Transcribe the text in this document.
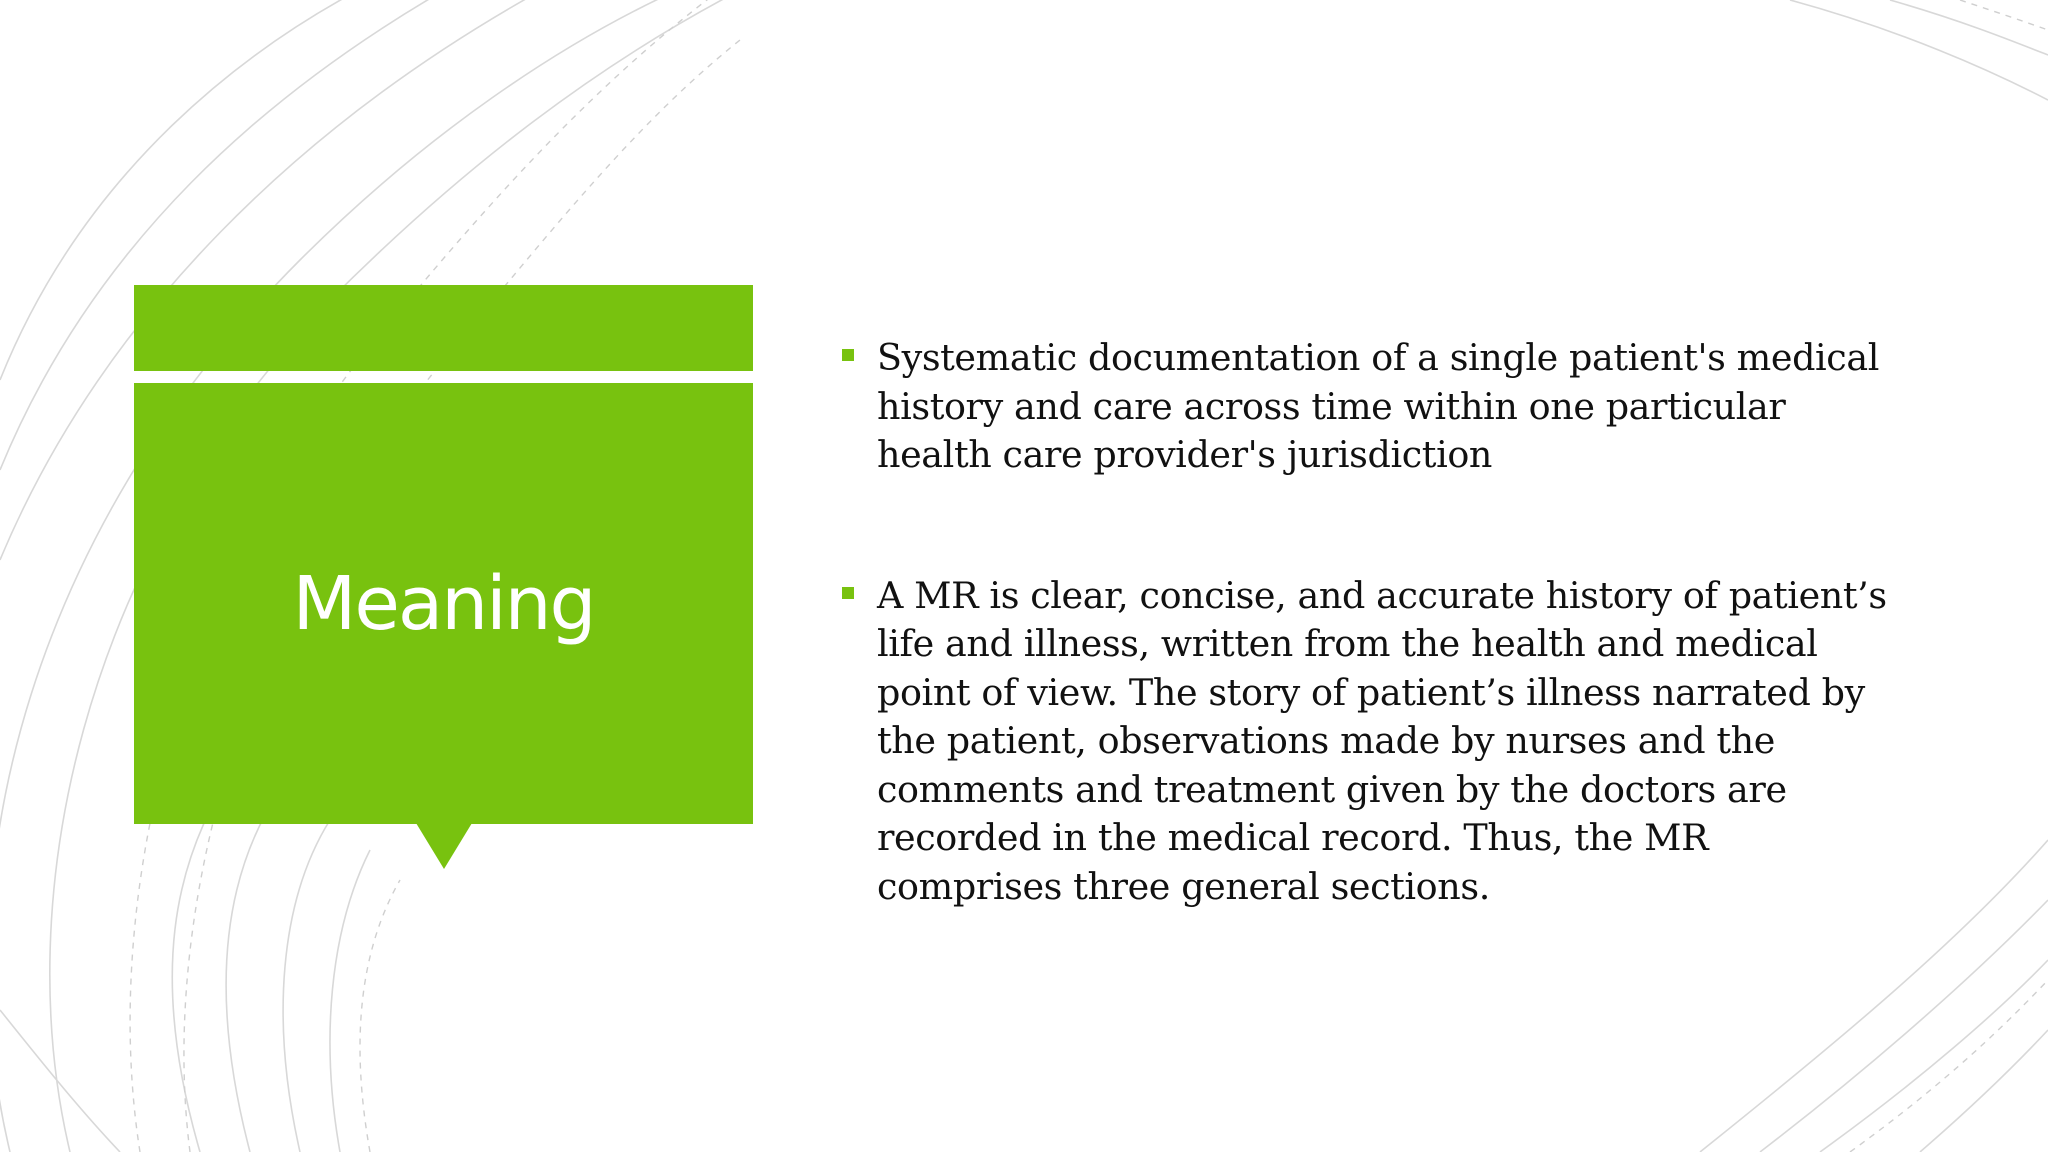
Meaning
Systematic documentation of a single patient's medical history and care across time within one particular health care provider's jurisdiction
A MR is clear, concise, and accurate history of patient’s life and illness, written from the health and medical point of view. The story of patient’s illness narrated by the patient, observations made by nurses and the comments and treatment given by the doctors are recorded in the medical record. Thus, the MR comprises three general sections.
